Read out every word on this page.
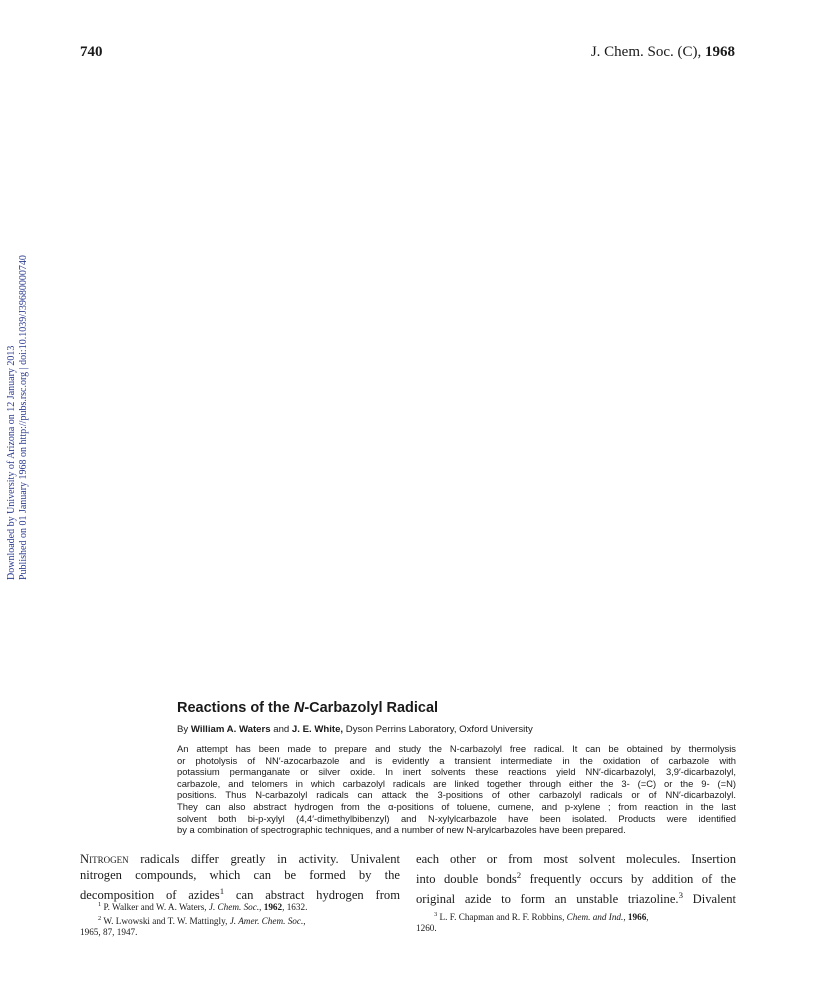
740	J. Chem. Soc. (C), 1968
Downloaded by University of Arizona on 12 January 2013 Published on 01 January 1968 on http://pubs.rsc.org | doi:10.1039/J39680000740
Reactions of the N-Carbazolyl Radical
By William A. Waters and J. E. White, Dyson Perrins Laboratory, Oxford University
An attempt has been made to prepare and study the N-carbazolyl free radical. It can be obtained by thermolysis
or photolysis of NN′-azocarbazole and is evidently a transient intermediate in the oxidation of carbazole with
potassium permanganate or silver oxide. In inert solvents these reactions yield NN′-dicarbazolyl, 3,9′-dicarbazolyl,
carbazole, and telomers in which carbazolyl radicals are linked together through either the 3- (=C) or the 9- (=N)
positions. Thus N-carbazolyl radicals can attack the 3-positions of other carbazolyl radicals or of NN′-dicarbazolyl.
They can also abstract hydrogen from the α-positions of toluene, cumene, and p-xylene ; from reaction in the last
solvent both bi-p-xylyl (4,4′-dimethylbibenzyl) and N-xylylcarbazole have been isolated. Products were identified
by a combination of spectrographic techniques, and a number of new N-arylcarbazoles have been prepared.
Nitrogen radicals differ greatly in activity. Univalent
nitrogen compounds, which can be formed by the
decomposition of azides$^1$ can abstract hydrogen from
each other or from most solvent molecules. Insertion
into double bonds$^2$ frequently occurs by addition of the
original azide to form an unstable triazoline.$^3$ Divalent
$^1$ P. Walker and W. A. Waters, J. Chem. Soc., 1962, 1632.
$^2$ W. Lwowski and T. W. Mattingly, J. Amer. Chem. Soc.,
1965, 87, 1947.
$^3$ L. F. Chapman and R. F. Robbins, Chem. and Ind., 1966,
1260.
